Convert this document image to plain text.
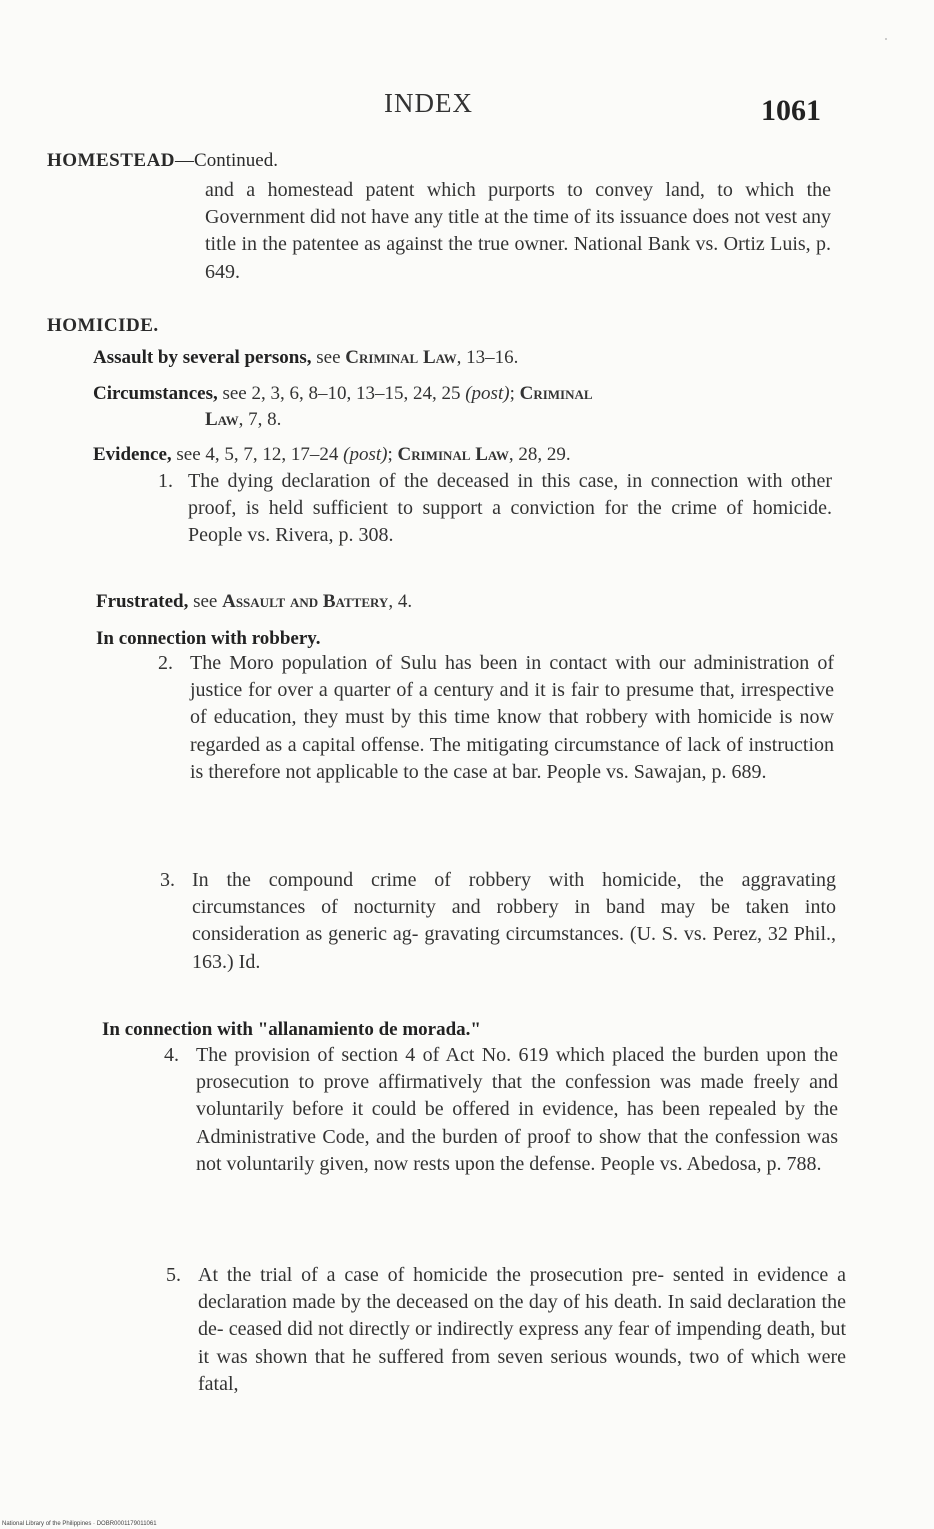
INDEX	1061
HOMESTEAD—Continued.
and a homestead patent which purports to convey land, to which the Government did not have any title at the time of its issuance does not vest any title in the patentee as against the true owner. National Bank vs. Ortiz Luis, p. 649.
HOMICIDE.
Assault by several persons, see Criminal Law, 13–16.
Circumstances, see 2, 3, 6, 8–10, 13–15, 24, 25 (post); Criminal
Law, 7, 8.
Evidence, see 4, 5, 7, 12, 17–24 (post); Criminal Law, 28, 29.
1. The dying declaration of the deceased in this case, in connection with other proof, is held sufficient to support a conviction for the crime of homicide. People vs. Rivera, p. 308.
Frustrated, see Assault and Battery, 4.
In connection with robbery.
2. The Moro population of Sulu has been in contact with our administration of justice for over a quarter of a century and it is fair to presume that, irrespective of education, they must by this time know that robbery with homicide is now regarded as a capital offense. The mitigating circumstance of lack of instruction is therefore not applicable to the case at bar. People vs. Sawajan, p. 689.
3. In the compound crime of robbery with homicide, the aggravating circumstances of nocturnity and robbery in band may be taken into consideration as generic ag- gravating circumstances. (U. S. vs. Perez, 32 Phil., 163.) Id.
In connection with "allanamiento de morada."
4. The provision of section 4 of Act No. 619 which placed the burden upon the prosecution to prove affirmatively that the confession was made freely and voluntarily before it could be offered in evidence, has been repealed by the Administrative Code, and the burden of proof to show that the confession was not voluntarily given, now rests upon the defense. People vs. Abedosa, p. 788.
5. At the trial of a case of homicide the prosecution pre- sented in evidence a declaration made by the deceased on the day of his death. In said declaration the de- ceased did not directly or indirectly express any fear of impending death, but it was shown that he suffered from seven serious wounds, two of which were fatal,
National Library of the Philippines · DOBR0001179011061
